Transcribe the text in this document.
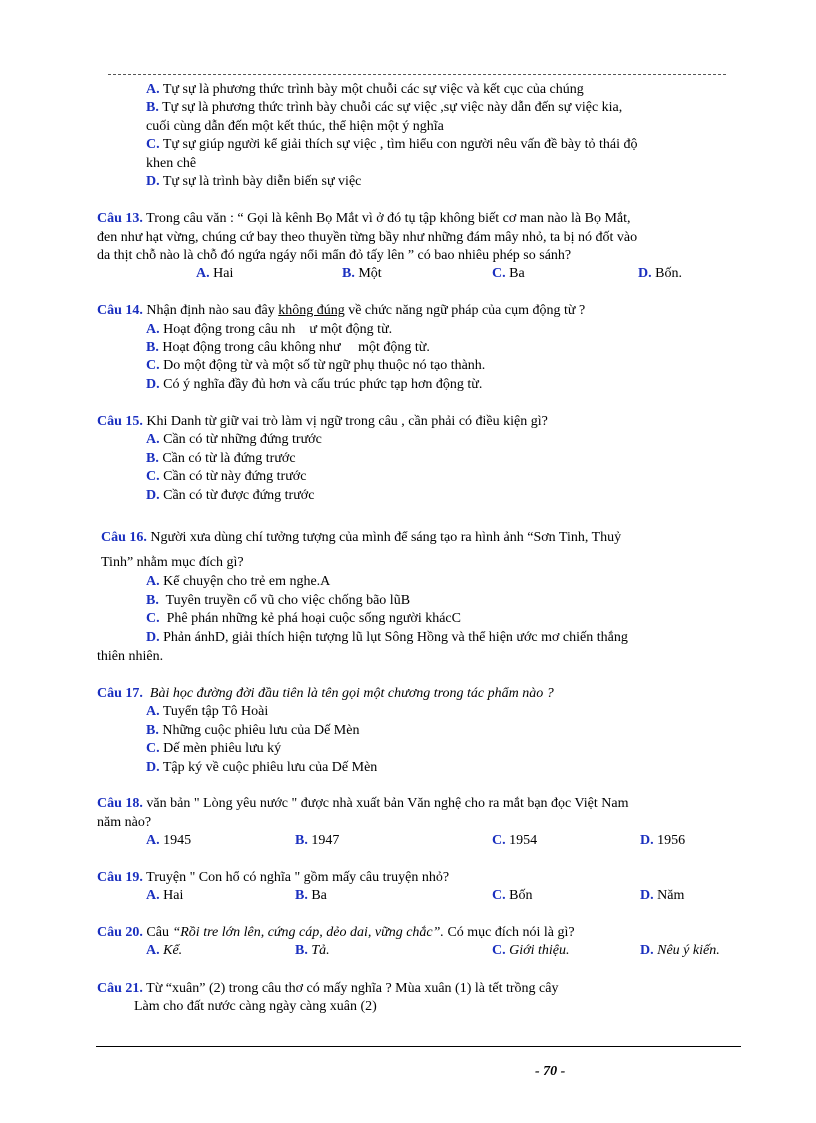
A. Tự sự là phương thức trình bày một chuỗi các sự việc và kết cục của chúng
B. Tự sự là phương thức trình bày chuỗi các sự việc ,sự việc này dẫn đến sự việc kia,
cuối cùng dẫn đến một kết thúc, thể hiện một ý nghĩa
C. Tự sự giúp người kể giải thích sự việc , tìm hiểu con người nêu vấn đề bày tỏ thái độ
khen chê
D. Tự sự là trình bày diễn biến sự việc
Câu 13. Trong câu văn : “ Gọi là kênh Bọ Mắt vì ở đó tụ tập không biết cơ man nào là Bọ Mắt,
đen như hạt vừng, chúng cứ bay theo thuyền từng bầy như những đám mây nhỏ, ta bị nó đốt vào
da thịt chỗ nào là chỗ đó ngứa ngáy nổi mẩn đỏ tấy lên ” có bao nhiêu phép so sánh?
A. Hai	B. Một	C. Ba	D. Bốn.
Câu 14. Nhận định nào sau đây không đúng về chức năng ngữ pháp của cụm động từ ?
A. Hoạt động trong câu nh    ư một động từ.
B. Hoạt động trong câu không như     một động từ.
C. Do một động từ và một số từ ngữ phụ thuộc nó tạo thành.
D. Có ý nghĩa đầy đủ hơn và cấu trúc phức tạp hơn động từ.
Câu 15. Khi Danh từ giữ vai trò làm vị ngữ trong câu , cần phải có điều kiện gì?
A. Cần có từ những đứng trước
B. Cần có từ là đứng trước
C. Cần có từ này đứng trước
D. Cần có từ được đứng trước
Câu 16. Người xưa dùng chí tưởng tượng của mình để sáng tạo ra hình ảnh “Sơn Tinh, Thuỷ
Tinh” nhằm mục đích gì?
A. Kể chuyện cho trẻ em nghe.A
B.  Tuyên truyền cổ vũ cho việc chống bão lũB
C.  Phê phán những kẻ phá hoại cuộc sống người khácC
D. Phản ánhD, giải thích hiện tượng lũ lụt Sông Hồng và thể hiện ước mơ chiến thắng
thiên nhiên.
Câu 17. Bài học đường đời đầu tiên là tên gọi một chương trong tác phẩm nào ?
A. Tuyển tập Tô Hoài
B. Những cuộc phiêu lưu của Dế Mèn
C. Dế mèn phiêu lưu ký
D. Tập ký về cuộc phiêu lưu của Dế Mèn
Câu 18. văn bản " Lòng yêu nước " được nhà xuất bản Văn nghệ cho ra mắt bạn đọc Việt Nam
năm nào?
A. 1945	B. 1947	C. 1954	D. 1956
Câu 19. Truyện " Con hổ có nghĩa " gồm mấy câu truyện nhỏ?
A. Hai	B. Ba	C. Bốn	D. Năm
Câu 20. Câu “Rồi tre lớn lên, cứng cáp, dẻo dai, vững chắc”. Có mục đích nói là gì?
A. Kể.	B. Tả.	C. Giới thiệu.	D. Nêu ý kiến.
Câu 21. Từ “xuân” (2) trong câu thơ có mấy nghĩa ? Mùa xuân (1) là tết trồng cây
Làm cho đất nước càng ngày càng xuân (2)
- 70 -
